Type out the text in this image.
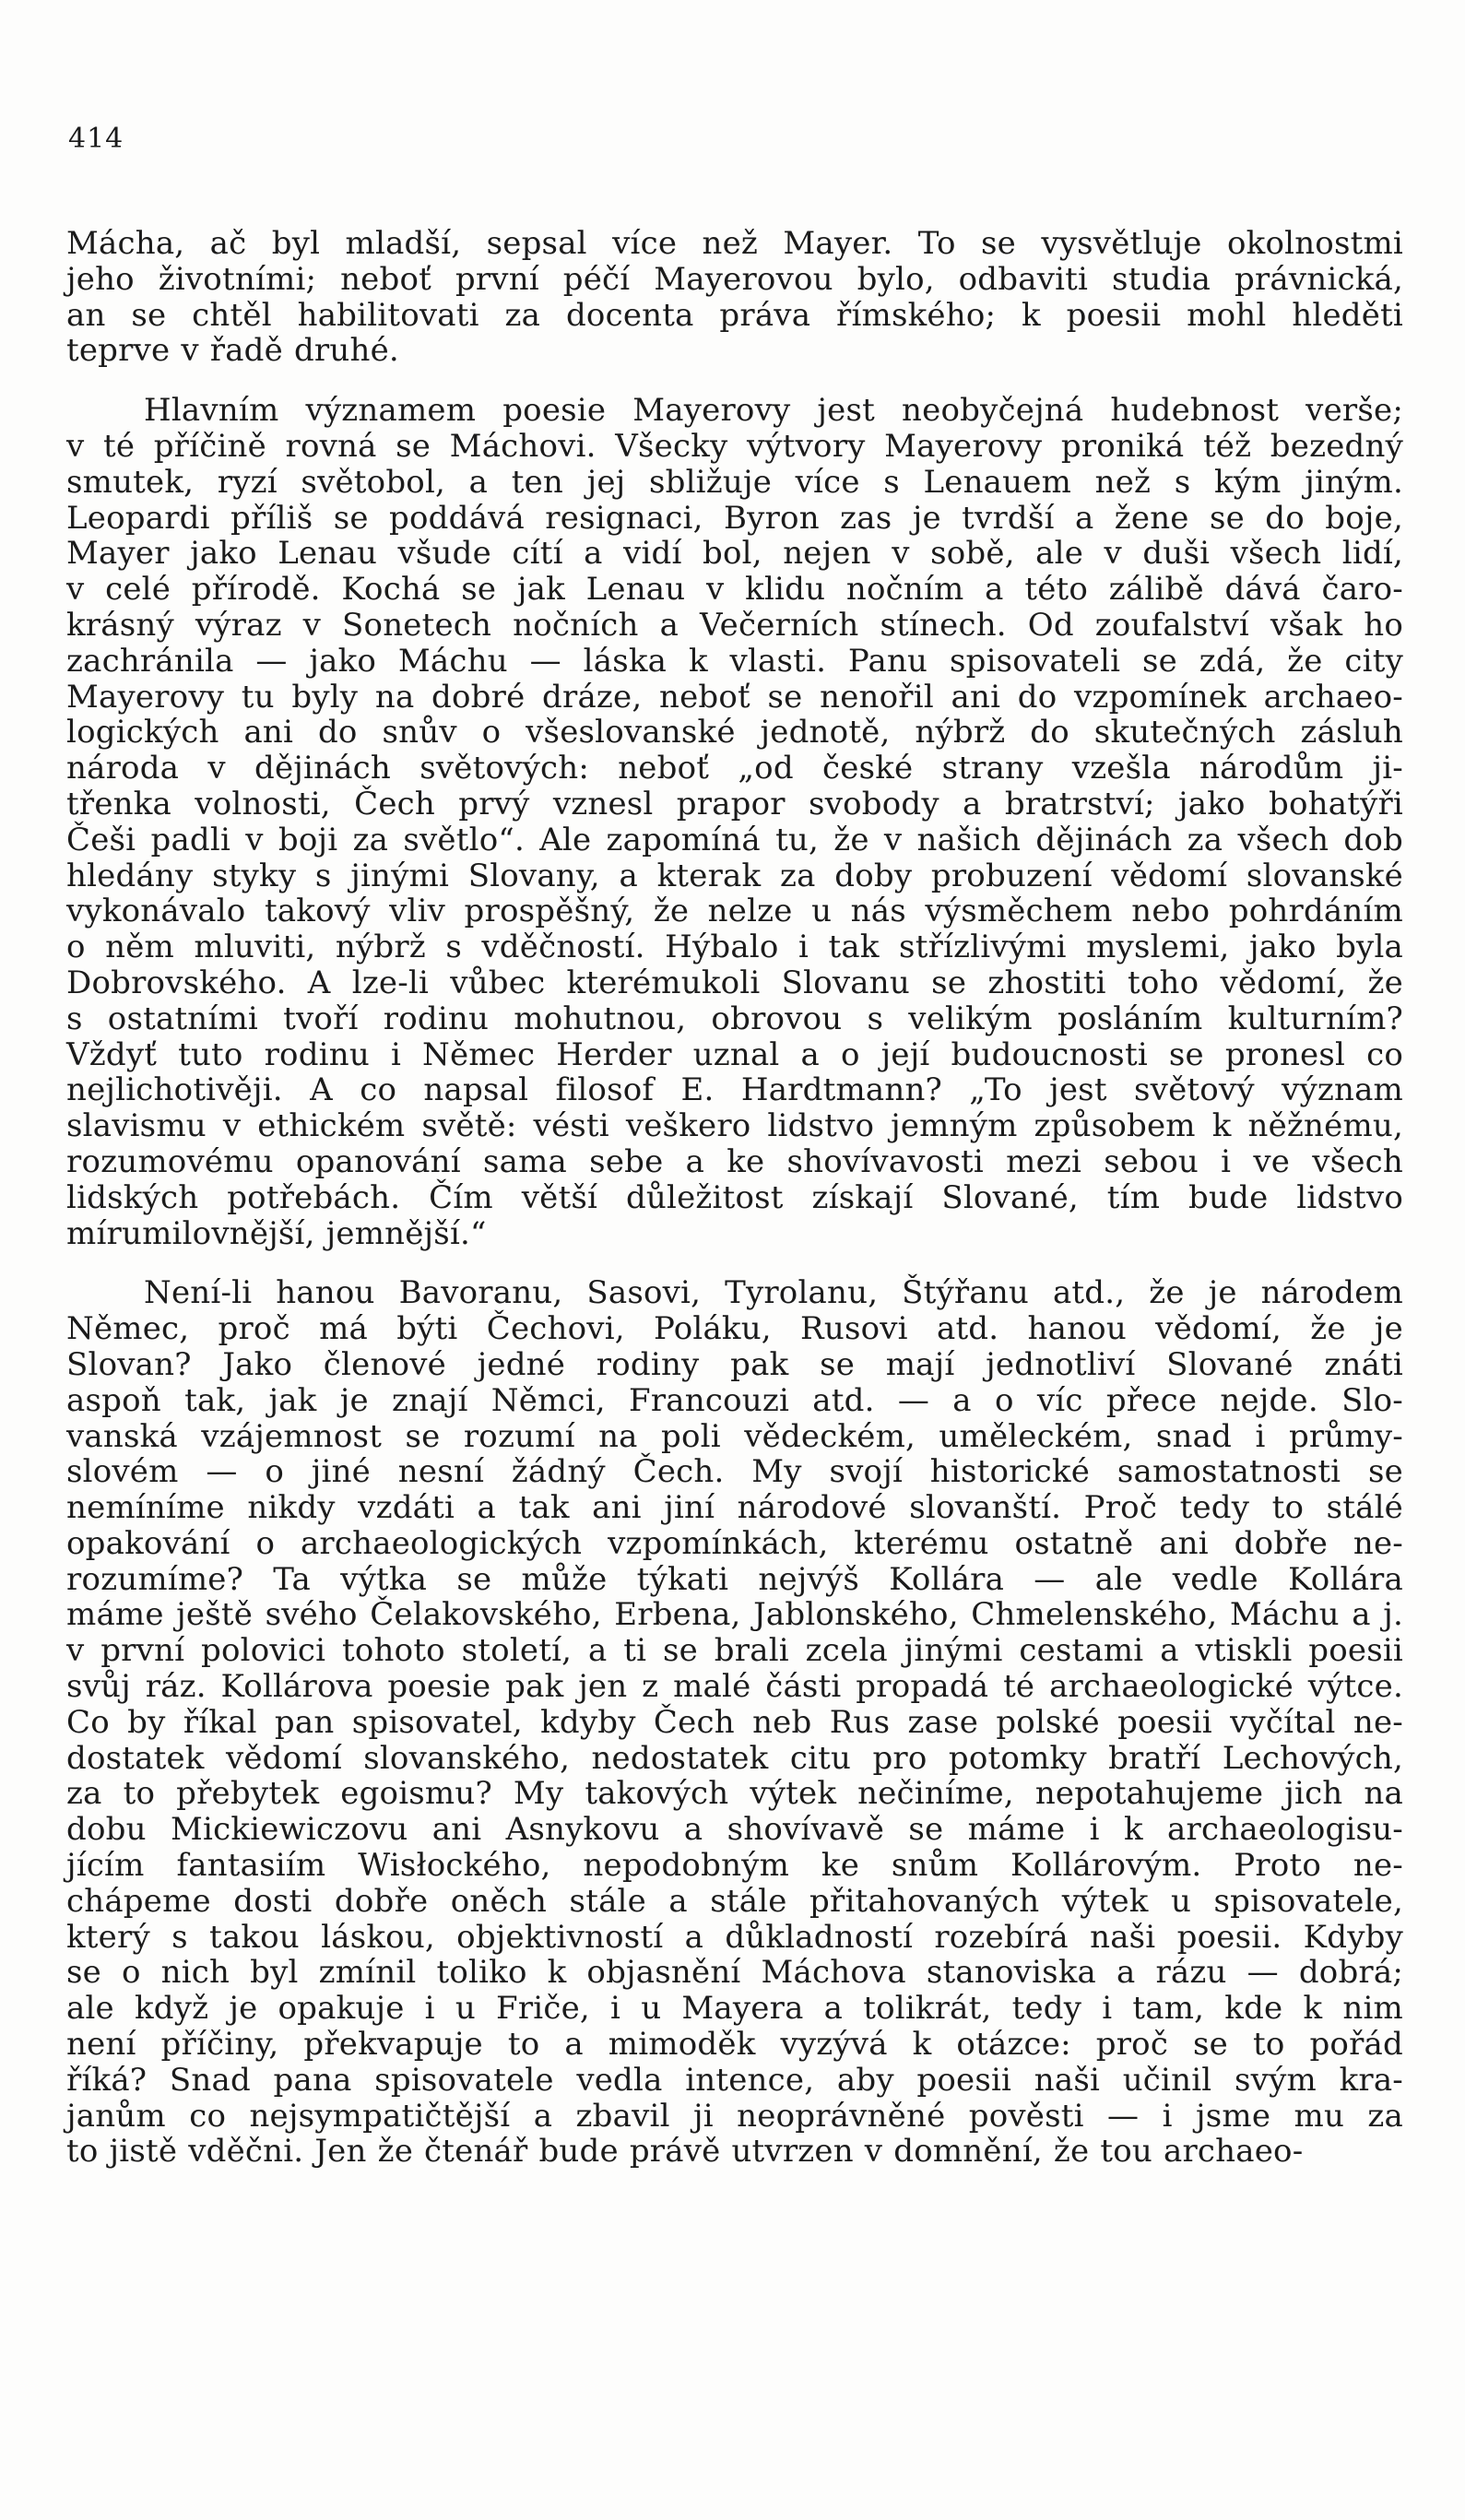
414
Mácha, ač byl mladší, sepsal více než Mayer. To se vysvětluje okolnostmi
jeho životními; neboť první péčí Mayerovou bylo, odbaviti studia právnická,
an se chtěl habilitovati za docenta práva římského; k poesii mohl hleděti
teprve v řadě druhé.
Hlavním významem poesie Mayerovy jest neobyčejná hudebnost verše;
v té příčině rovná se Máchovi. Všecky výtvory Mayerovy proniká též bezedný
smutek, ryzí světobol, a ten jej sbližuje více s Lenauem než s kým jiným.
Leopardi příliš se poddává resignaci, Byron zas je tvrdší a žene se do boje,
Mayer jako Lenau všude cítí a vidí bol, nejen v sobě, ale v duši všech lidí,
v celé přírodě. Kochá se jak Lenau v klidu nočním a této zálibě dává čaro-
krásný výraz v Sonetech nočních a Večerních stínech. Od zoufalství však ho
zachránila — jako Máchu — láska k vlasti. Panu spisovateli se zdá, že city
Mayerovy tu byly na dobré dráze, neboť se nenořil ani do vzpomínek archaeo-
logických ani do snův o všeslovanské jednotě, nýbrž do skutečných zásluh
národa v dějinách světových: neboť „od české strany vzešla národům ji-
třenka volnosti, Čech prvý vznesl prapor svobody a bratrství; jako bohatýři
Češi padli v boji za světlo“. Ale zapomíná tu, že v našich dějinách za všech dob
hledány styky s jinými Slovany, a kterak za doby probuzení vědomí slovanské
vykonávalo takový vliv prospěšný, že nelze u nás výsměchem nebo pohrdáním
o něm mluviti, nýbrž s vděčností. Hýbalo i tak střízlivými myslemi, jako byla
Dobrovského. A lze-li vůbec kterémukoli Slovanu se zhostiti toho vědomí, že
s ostatními tvoří rodinu mohutnou, obrovou s velikým posláním kulturním?
Vždyť tuto rodinu i Němec Herder uznal a o její budoucnosti se pronesl co
nejlichotivěji. A co napsal filosof E. Hardtmann? „To jest světový význam
slavismu v ethickém světě: vésti veškero lidstvo jemným způsobem k něžnému,
rozumovému opanování sama sebe a ke shovívavosti mezi sebou i ve všech
lidských potřebách. Čím větší důležitost získají Slované, tím bude lidstvo
mírumilovnější, jemnější.“
Není-li hanou Bavoranu, Sasovi, Tyrolanu, Štýřanu atd., že je národem
Němec, proč má býti Čechovi, Poláku, Rusovi atd. hanou vědomí, že je
Slovan? Jako členové jedné rodiny pak se mají jednotliví Slované znáti
aspoň tak, jak je znají Němci, Francouzi atd. — a o víc přece nejde. Slo-
vanská vzájemnost se rozumí na poli vědeckém, uměleckém, snad i průmy-
slovém — o jiné nesní žádný Čech. My svojí historické samostatnosti se
nemíníme nikdy vzdáti a tak ani jiní národové slovanští. Proč tedy to stálé
opakování o archaeologických vzpomínkách, kterému ostatně ani dobře ne-
rozumíme? Ta výtka se může týkati nejvýš Kollára — ale vedle Kollára
máme ještě svého Čelakovského, Erbena, Jablonského, Chmelenského, Máchu a j.
v první polovici tohoto století, a ti se brali zcela jinými cestami a vtiskli poesii
svůj ráz. Kollárova poesie pak jen z malé části propadá té archaeologické výtce.
Co by říkal pan spisovatel, kdyby Čech neb Rus zase polské poesii vyčítal ne-
dostatek vědomí slovanského, nedostatek citu pro potomky bratří Lechových,
za to přebytek egoismu? My takových výtek nečiníme, nepotahujeme jich na
dobu Mickiewiczovu ani Asnykovu a shovívavě se máme i k archaeologisu-
jícím fantasiím Wisłockého, nepodobným ke snům Kollárovým. Proto ne-
chápeme dosti dobře oněch stále a stále přitahovaných výtek u spisovatele,
který s takou láskou, objektivností a důkladností rozebírá naši poesii. Kdyby
se o nich byl zmínil toliko k objasnění Máchova stanoviska a rázu — dobrá;
ale když je opakuje i u Friče, i u Mayera a tolikrát, tedy i tam, kde k nim
není příčiny, překvapuje to a mimoděk vyzývá k otázce: proč se to pořád
říká? Snad pana spisovatele vedla intence, aby poesii naši učinil svým kra-
janům co nejsympatičtější a zbavil ji neoprávněné pověsti — i jsme mu za
to jistě vděčni. Jen že čtenář bude právě utvrzen v domnění, že tou archaeo-
